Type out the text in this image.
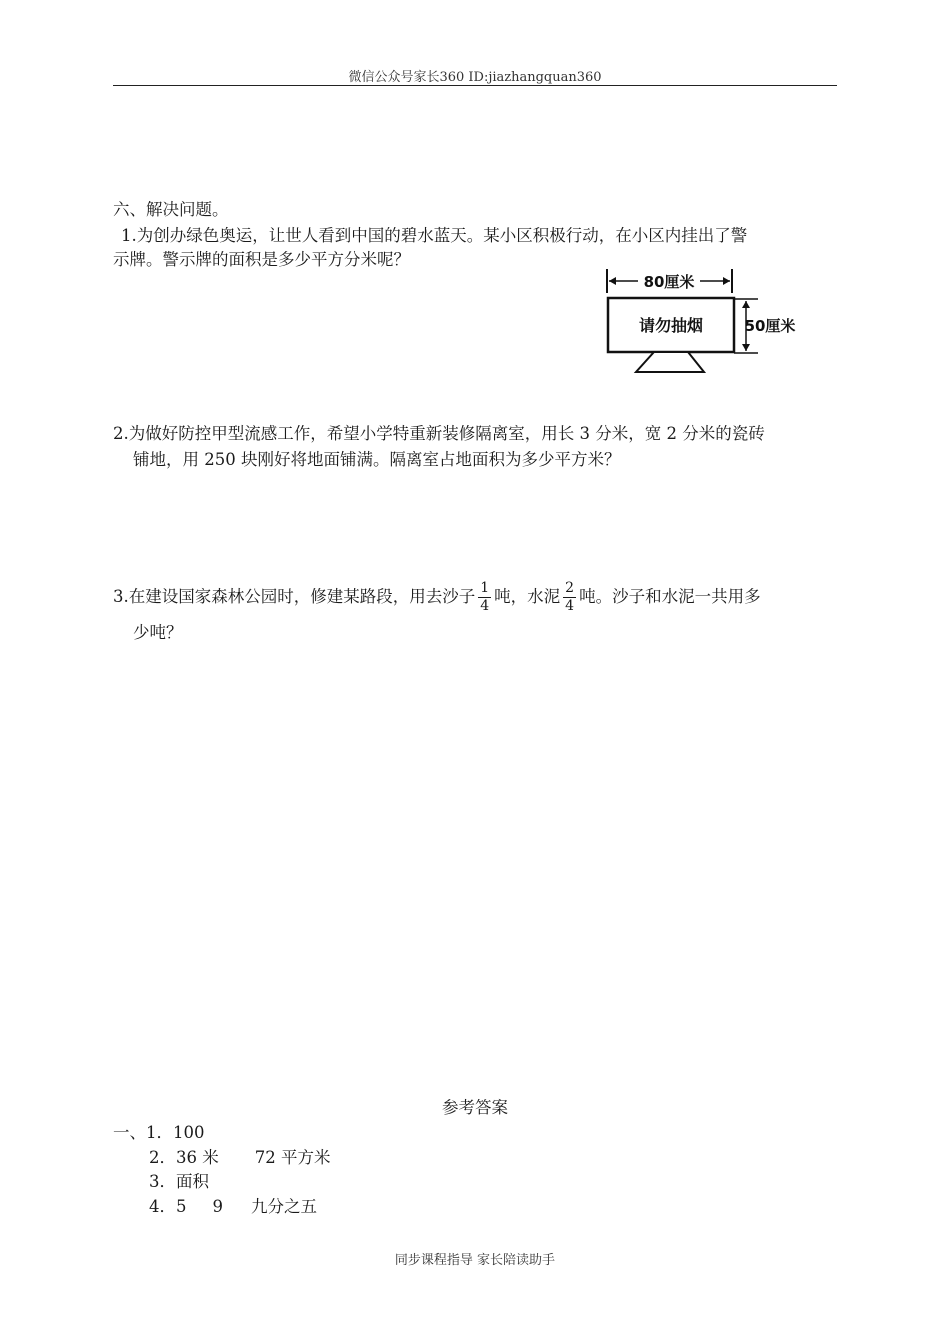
微信公众号家长360 ID:jiazhangquan360
六、解决问题。
1.为创办绿色奥运，让世人看到中国的碧水蓝天。某小区积极行动，在小区内挂出了警
示牌。警示牌的面积是多少平方分米呢？
80厘米
请勿抽烟	50厘米
2.为做好防控甲型流感工作，希望小学特重新装修隔离室，用长 3 分米，宽 2 分米的瓷砖
铺地，用 250 块刚好将地面铺满。隔离室占地面积为多少平方米？
3.在建设国家森林公园时，修建某路段，用去沙子 $\frac{1}{4}$ 吨，水泥 $\frac{2}{4}$ 吨。沙子和水泥一共用多
少吨？
参考答案
一、1．100
2．36 米 72 平方米
3．面积
4．5 9 九分之五
同步课程指导 家长陪读助手
